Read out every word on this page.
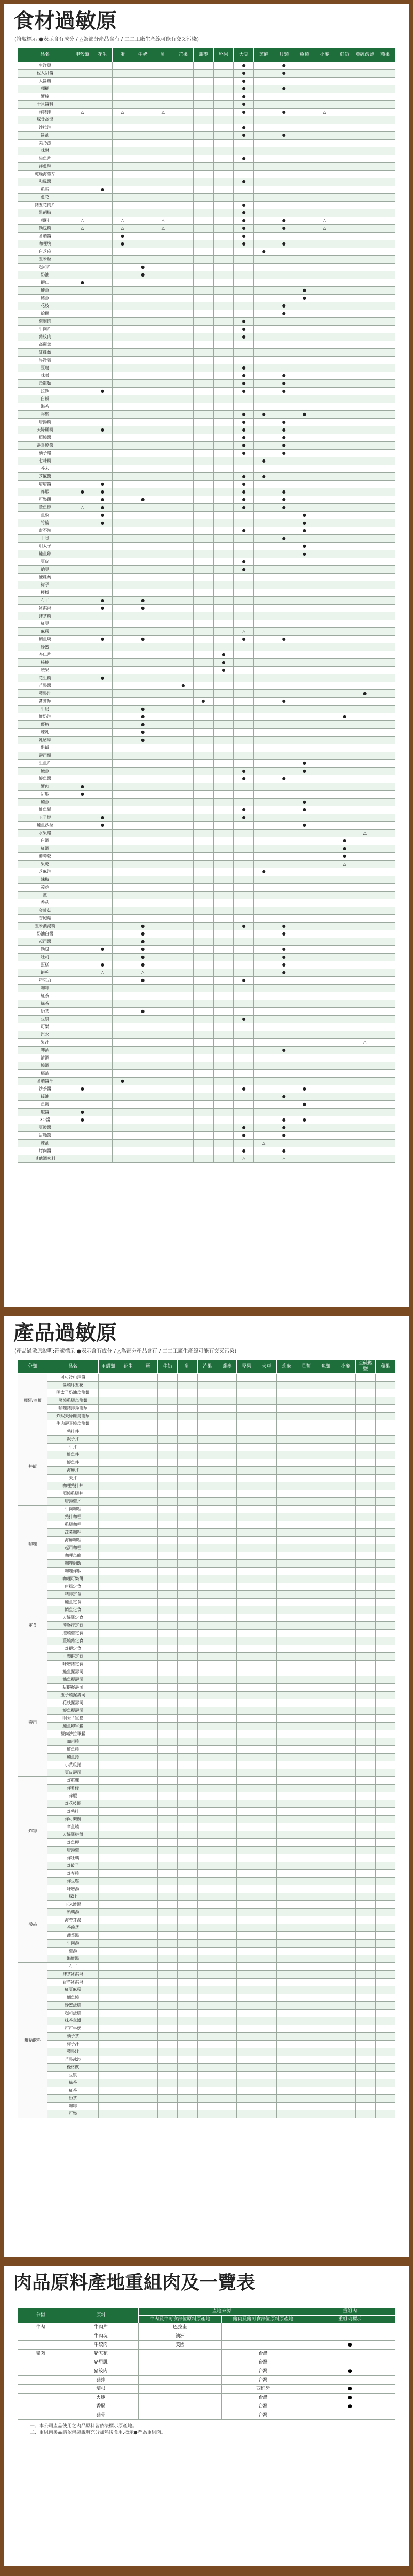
食材過敏原
(符號標示:●表示含有成分 / △為部分產品含有 / 二二工廠生產線可能有交叉污染)
品名	甲殼類	花生	蛋	牛奶	乳	芒果	蕎麥	堅果	大豆	芝麻	貝類	魚類	小麥	鮮奶	亞硫酸鹽	蘋果
生洋蔥									●		●					
佐人甜醬									●		●					
大醬瓣									●							
麵糊									●		●					
蟹棒									●							
干貝醬料									●							
炸豬排	△		△		△				●		●		△			
豚骨高湯																
沙拉油									●							
醬油									●		●					
美乃滋																
味醂																
柴魚片									●							
洋蔥酥																
乾燥海帶芽																
和風醬									●							
雞蛋		●														
蔥花																
豬五花肉片									●							
黑胡椒									●							
麵粉	△		△		△				●		●		△			
麵包粉	△		△		△				●		●		△			
番茄醬			●						●							
咖哩塊			●						●		●					
白芝麻										●						
玉米粒																
起司片				●												
奶油				●												
蝦仁	●															
鮭魚												●				
鱈魚												●				
花枝											●					
蛤蠣											●					
雞腿肉									●							
牛肉片									●							
豬絞肉									●							
高麗菜																
紅蘿蔔																
馬鈴薯																
豆腐									●							
味噌									●		●					
烏龍麵									●		●					
拉麵		●							●		●					
白飯																
海苔																
香鬆									●	●		●				
唐揚粉									●		●					
天婦羅粉		●							●		●					
照燒醬									●		●					
壽喜燒醬									●		●					
柚子醋									●		●					
七味粉										●						
芥末																
芝麻醬									●	●						
塔塔醬		●							●							
炸蝦	●	●							●		●					
可樂餅		●		●					●		●					
章魚燒	△	●							●		●					
魚板		●										●				
竹輪		●										●				
甜不辣									●			●				
干貝											●					
明太子												●				
鮭魚卵												●				
豆皮									●							
納豆									●							
醃蘿蔔																
梅子																
檸檬																
布丁		●		●												
冰淇淋		●		●												
抹茶粉																
紅豆																
麻糬									△							
鯛魚燒		●		●					●		●					
蜂蜜																
杏仁片								●								
核桃								●								
腰果								●								
花生粉		●														
芒果醬						●										
蘋果汁															●	
蕎麥麵							●				●					
牛奶				●												
鮮奶油				●										●		
優格				●												
煉乳				●												
乳酪絲				●												
醋飯																
壽司醋																
生魚片												●				
鰻魚									●			●				
鰻魚醬									●		●					
蟹肉	●															
甜蝦	●															
鮪魚												●				
鮭魚鬆									●			●				
玉子燒		●							●							
鮭魚沙拉		●										●				
水果醋															△	
白酒														●		
紅酒														●		
葡萄乾														●		
果乾														△		
芝麻油										●						
辣椒																
蒜頭																
薑																
香菇																
金針菇																
杏鮑菇																
玉米濃湯粉				●					●		●					
奶油白醬				●							●					
起司醬				●												
麵包		●		●							●					
吐司				●							●					
蛋糕		●		●							●					
餅乾		△		△							●					
巧克力				●					●							
咖啡																
紅茶																
綠茶																
奶茶				●												
豆漿									●							
可樂																
汽水																
果汁															△	
啤酒											●					
清酒																
燒酒																
梅酒																
番茄醬汁			●													
沙茶醬	●								●			●				
蠔油											●					
魚露												●				
蝦醬	●															
XO醬	●										●	●				
豆瓣醬									●		●					
甜麵醬									●		●					
辣油										△						
烤肉醬									●		●					
其他調味料									△		△					
產品過敏原
(產品過敏原說明:符號標示 ●表示含有成分 / △為部分產品含有 / 二二工廠生產線可能有交叉污染)
分類	品名	甲殼類	花生	蛋	牛奶	乳	芒果	蕎麥	堅果	大豆	芝麻	貝類	魚類	小麥	亞硫酸鹽	蘋果
麵類/冷麵	可可冷山抹醬															
	醬燒豚五花															
	明太子奶油烏龍麵															
	照燒雞腿烏龍麵															
	咖哩豬排烏龍麵															
	炸蝦天婦羅烏龍麵															
	牛肉壽喜燒烏龍麵															
丼飯	豬排丼															
	親子丼															
	牛丼															
	鮭魚丼															
	鰻魚丼															
	海鮮丼															
	天丼															
	咖哩豬排丼															
	照燒雞腿丼															
	唐揚雞丼															
咖哩	牛肉咖哩															
	豬排咖哩															
	雞腿咖哩															
	蔬菜咖哩															
	海鮮咖哩															
	起司咖哩															
	咖哩烏龍															
	咖哩焗飯															
	咖哩炸蝦															
	咖哩可樂餅															
定食	唐揚定食															
	豬排定食															
	鮭魚定食															
	鯖魚定食															
	天婦羅定食															
	漢堡排定食															
	照燒雞定食															
	薑燒豬定食															
	炸蝦定食															
	可樂餅定食															
	味噌豬定食															
壽司	鮭魚握壽司															
	鮪魚握壽司															
	甜蝦握壽司															
	玉子燒握壽司															
	花枝握壽司															
	鰻魚握壽司															
	明太子軍艦															
	鮭魚卵軍艦															
	蟹肉沙拉軍艦															
	加州捲															
	鮭魚捲															
	鮪魚捲															
	小黃瓜捲															
	豆皮壽司															
炸物	炸雞塊															
	炸薯條															
	炸蝦															
	炸花枝圈															
	炸豬排															
	炸可樂餅															
	章魚燒															
	天婦羅拼盤															
	炸魚柳															
	唐揚雞															
	炸牡蠣															
	炸餃子															
	炸春捲															
	炸豆腐															
湯品	味噌湯															
	豚汁															
	玉米濃湯															
	蛤蠣湯															
	海帶芽湯															
	茶碗蒸															
	蔬菜湯															
	牛肉湯															
	雞湯															
	海鮮湯															
甜點飲料	布丁															
	抹茶冰淇淋															
	香草冰淇淋															
	紅豆麻糬															
	鯛魚燒															
	蜂蜜蛋糕															
	起司蛋糕															
	抹茶拿鐵															
	可可牛奶															
	柚子茶															
	梅子汁															
	蘋果汁															
	芒果冰沙															
	優格飲															
	豆漿															
	綠茶															
	紅茶															
	奶茶															
	咖啡															
	可樂															
肉品原料產地重組肉及一覽表
分類	原料	產地來源		重組肉
		牛肉及牛可食部位原料原產地	豬肉及豬可食部位原料原產地	重組肉標示
牛肉	牛肉片	巴拉圭		
	牛肉塊	澳洲		
	牛絞肉	美國		●
豬肉	豬五花		台灣	
	豬里肌		台灣	
	豬絞肉		台灣	●
	豬排		台灣	
	培根		西班牙	●
	火腿		台灣	●
	香腸		台灣	●
	豬骨		台灣	
一、本公司產品使用之肉品原料皆依法標示原產地。
二、重組肉製品請依包裝說明充分加熱後食用,標示●者為重組肉。
